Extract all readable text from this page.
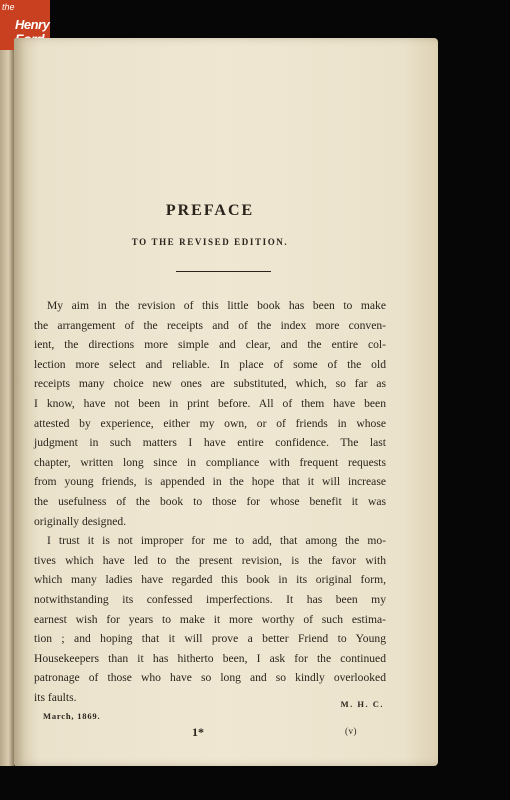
the
Henry
PREFACE
TO THE REVISED EDITION.
My aim in the revision of this little book has been to make
the arrangement of the receipts and of the index more conven-
ient, the directions more simple and clear, and the entire col-
lection more select and reliable. In place of some of the old
receipts many choice new ones are substituted, which, so far as
I know, have not been in print before. All of them have been
attested by experience, either my own, or of friends in whose
judgment in such matters I have entire confidence. The last
chapter, written long since in compliance with frequent requests
from young friends, is appended in the hope that it will increase
the usefulness of the book to those for whose benefit it was
originally designed.
I trust it is not improper for me to add, that among the mo-
tives which have led to the present revision, is the favor with
which many ladies have regarded this book in its original form,
notwithstanding its confessed imperfections. It has been my
earnest wish for years to make it more worthy of such estima-
tion ; and hoping that it will prove a better Friend to Young
Housekeepers than it has hitherto been, I ask for the continued
patronage of those who have so long and so kindly overlooked
its faults.
M. H. C.
March, 1869.
1*	(v)
